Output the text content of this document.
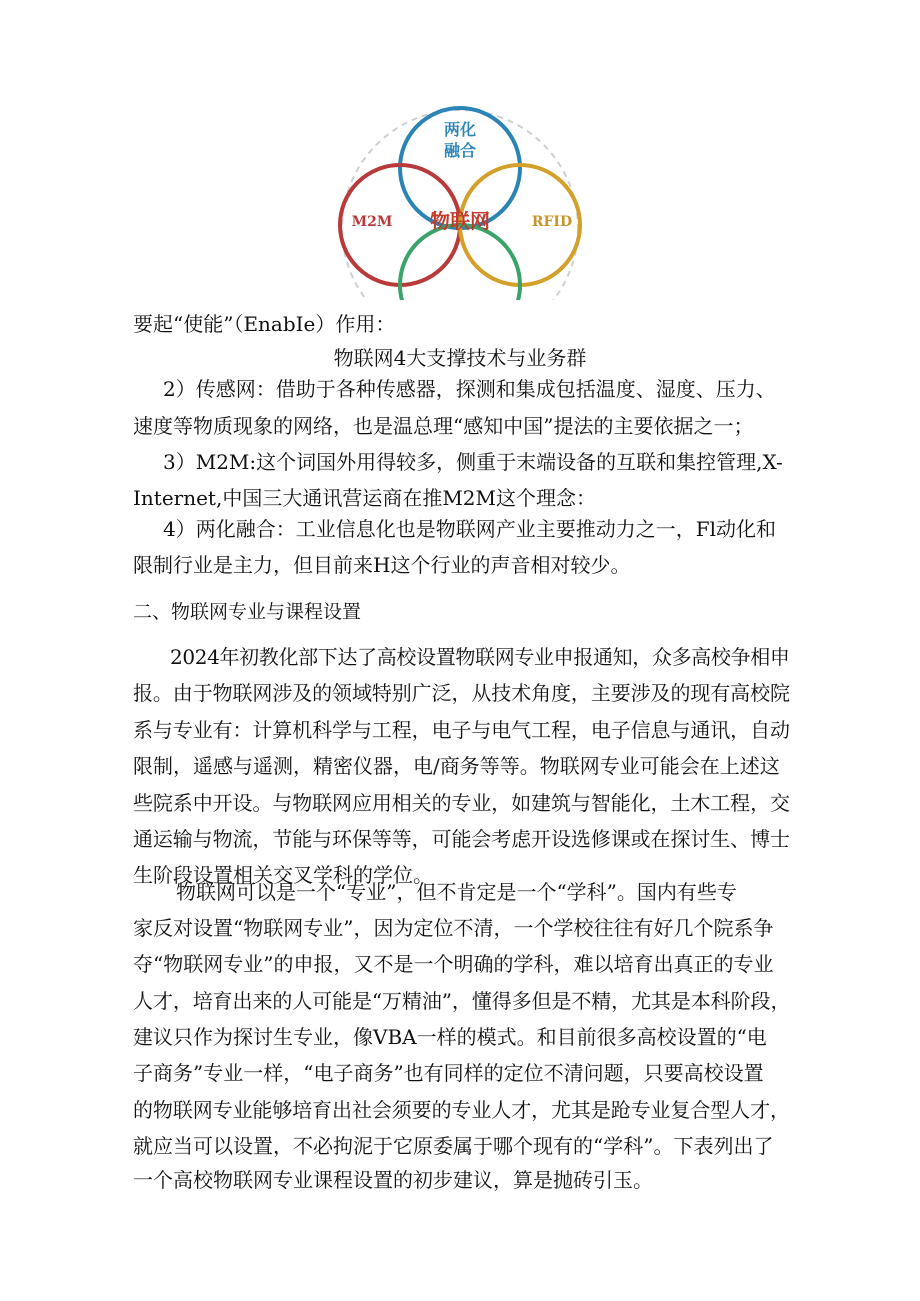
两化
融合
M2M 物联网	RFID
要起“使能”（EnabIe）作用：
物联网4大支撑技术与业务群
2）传感网：借助于各种传感器，探测和集成包括温度、湿度、压力、
速度等物质现象的网络，也是温总理“感知中国”提法的主要依据之一；
3）M2M:这个词国外用得较多，侧重于末端设备的互联和集控管理,X-
Internet,中国三大通讯营运商在推M2M这个理念：
4）两化融合：工业信息化也是物联网产业主要推动力之一，Fl动化和
限制行业是主力，但目前来H这个行业的声音相对较少。
二、物联网专业与课程设置
2024年初教化部下达了高校设置物联网专业申报通知，众多高校争相申
报。由于物联网涉及的领域特别广泛，从技术角度，主要涉及的现有高校院
系与专业有：计算机科学与工程，电子与电气工程，电子信息与通讯，自动
限制，遥感与遥测，精密仪器，电/商务等等。物联网专业可能会在上述这
些院系中开设。与物联网应用相关的专业，如建筑与智能化，土木工程，交
通运输与物流，节能与环保等等，可能会考虑开设选修课或在探讨生、博士
生阶段设置相关交叉学科的学位。
物联网可以是一个“专业”，但不肯定是一个“学科”。国内有些专
家反对设置“物联网专业”，因为定位不清，一个学校往往有好几个院系争
夺“物联网专业”的申报，又不是一个明确的学科，难以培育出真正的专业
人才，培育出来的人可能是“万精油”，懂得多但是不精，尤其是本科阶段，
建议只作为探讨生专业，像VBA一样的模式。和目前很多高校设置的“电
子商务”专业一样，“电子商务”也有同样的定位不清问题，只要高校设置
的物联网专业能够培育出社会须要的专业人才，尤其是跄专业复合型人才，
就应当可以设置，不必拘泥于它原委属于哪个现有的“学科”。下表列出了
一个高校物联网专业课程设置的初步建议，算是抛砖引玉。
